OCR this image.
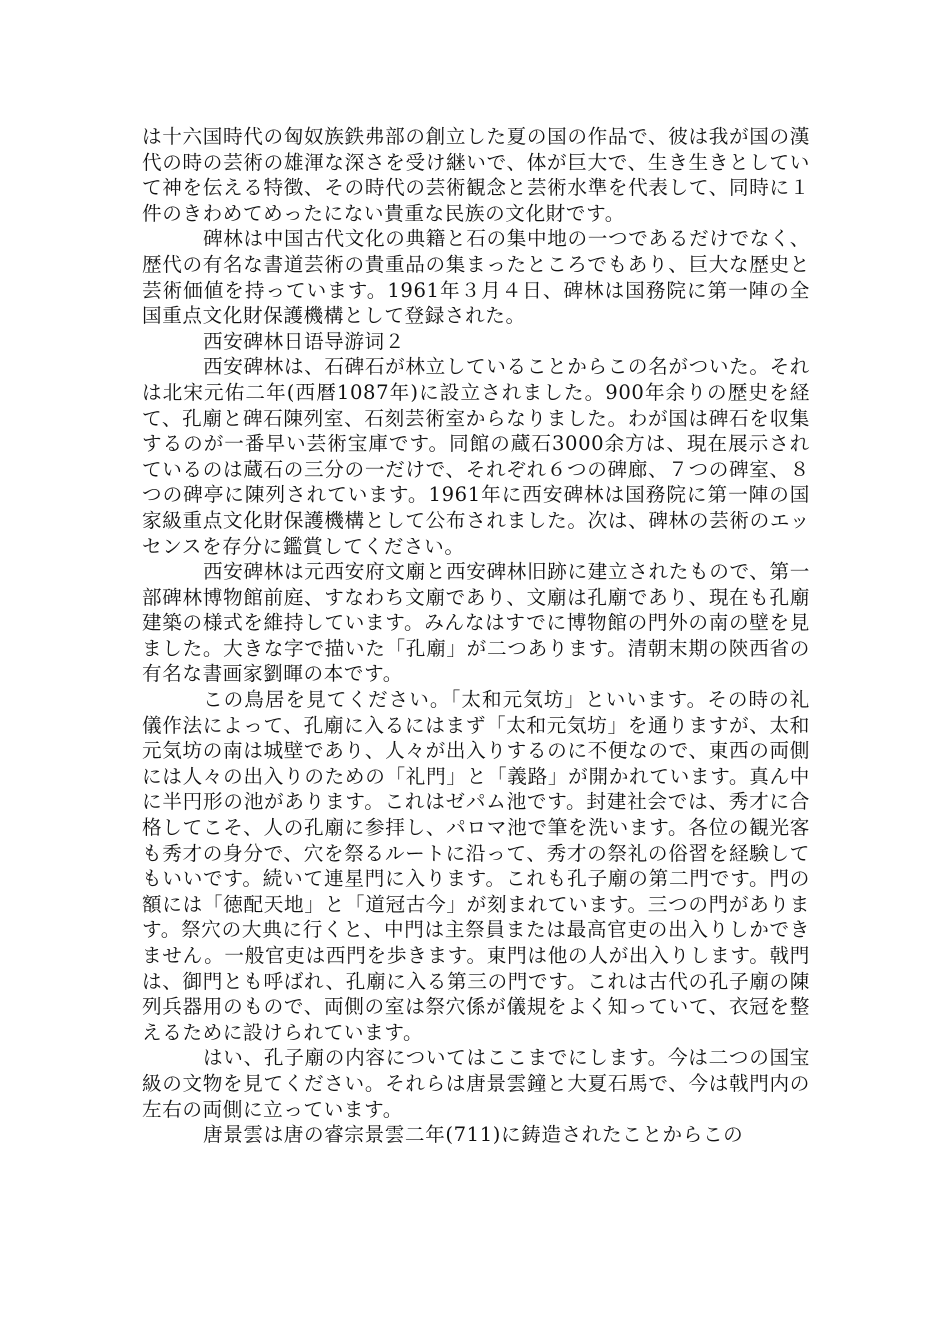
は十六国時代の匈奴族鉄弗部の創立した夏の国の作品で、彼は我が国の漢代の時の芸術の雄渾な深さを受け継いで、体が巨大で、生き生きとしていて神を伝える特徴、その時代の芸術観念と芸術水準を代表して、同時に１件のきわめてめったにない貴重な民族の文化財です。

碑林は中国古代文化の典籍と石の集中地の一つであるだけでなく、歴代の有名な書道芸術の貴重品の集まったところでもあり、巨大な歴史と芸術価値を持っています。1961年３月４日、碑林は国務院に第一陣の全国重点文化財保護機構として登録された。

西安碑林日语导游词２

西安碑林は、石碑石が林立していることからこの名がついた。それは北宋元佑二年(西暦1087年)に設立されました。900年余りの歴史を経て、孔廟と碑石陳列室、石刻芸術室からなりました。わが国は碑石を収集するのが一番早い芸術宝庫です。同館の蔵石3000余方は、現在展示されているのは蔵石の三分の一だけで、それぞれ６つの碑廊、７つの碑室、８つの碑亭に陳列されています。1961年に西安碑林は国務院に第一陣の国家級重点文化財保護機構として公布されました。次は、碑林の芸術のエッセンスを存分に鑑賞してください。

西安碑林は元西安府文廟と西安碑林旧跡に建立されたもので、第一部碑林博物館前庭、すなわち文廟であり、文廟は孔廟であり、現在も孔廟建築の様式を維持しています。みんなはすでに博物館の門外の南の壁を見ました。大きな字で描いた「孔廟」が二つあります。清朝末期の陝西省の有名な書画家劉暉の本です。

この鳥居を見てください。「太和元気坊」といいます。その時の礼儀作法によって、孔廟に入るにはまず「太和元気坊」を通りますが、太和元気坊の南は城壁であり、人々が出入りするのに不便なので、東西の両側には人々の出入りのための「礼門」と「義路」が開かれています。真ん中に半円形の池があります。これはゼパム池です。封建社会では、秀才に合格してこそ、人の孔廟に参拝し、パロマ池で筆を洗います。各位の観光客も秀才の身分で、穴を祭るルートに沿って、秀才の祭礼の俗習を経験してもいいです。続いて連星門に入ります。これも孔子廟の第二門です。門の額には「徳配天地」と「道冠古今」が刻まれています。三つの門があります。祭穴の大典に行くと、中門は主祭員または最高官吏の出入りしかできません。一般官吏は西門を歩きます。東門は他の人が出入りします。戟門は、御門とも呼ばれ、孔廟に入る第三の門です。これは古代の孔子廟の陳列兵器用のもので、両側の室は祭穴係が儀規をよく知っていて、衣冠を整えるために設けられています。

はい、孔子廟の内容についてはここまでにします。今は二つの国宝級の文物を見てください。それらは唐景雲鐘と大夏石馬で、今は戟門内の左右の両側に立っています。

唐景雲は唐の睿宗景雲二年(711)に鋳造されたことからこの
